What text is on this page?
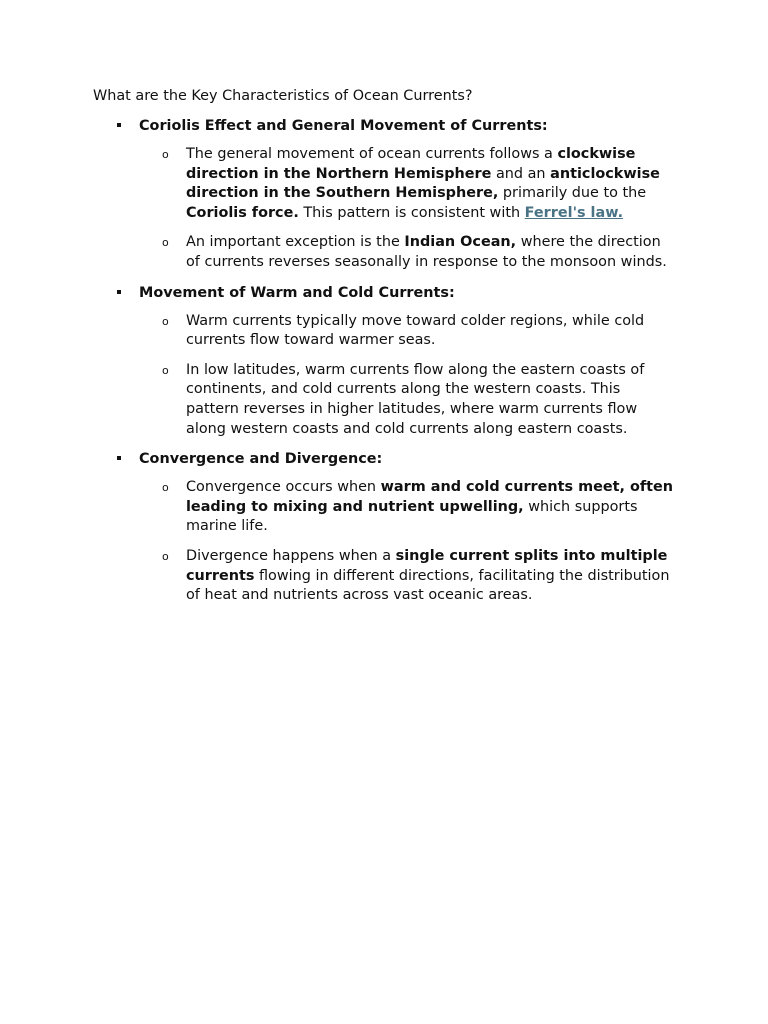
What are the Key Characteristics of Ocean Currents?
Coriolis Effect and General Movement of Currents:
o The general movement of ocean currents follows a clockwise direction in the Northern Hemisphere and an anticlockwise direction in the Southern Hemisphere, primarily due to the Coriolis force. This pattern is consistent with Ferrel's law.
o An important exception is the Indian Ocean, where the direction of currents reverses seasonally in response to the monsoon winds.
Movement of Warm and Cold Currents:
o Warm currents typically move toward colder regions, while cold currents flow toward warmer seas.
o In low latitudes, warm currents flow along the eastern coasts of continents, and cold currents along the western coasts. This pattern reverses in higher latitudes, where warm currents flow along western coasts and cold currents along eastern coasts.
Convergence and Divergence:
o Convergence occurs when warm and cold currents meet, often leading to mixing and nutrient upwelling, which supports marine life.
o Divergence happens when a single current splits into multiple currents flowing in different directions, facilitating the distribution of heat and nutrients across vast oceanic areas.
